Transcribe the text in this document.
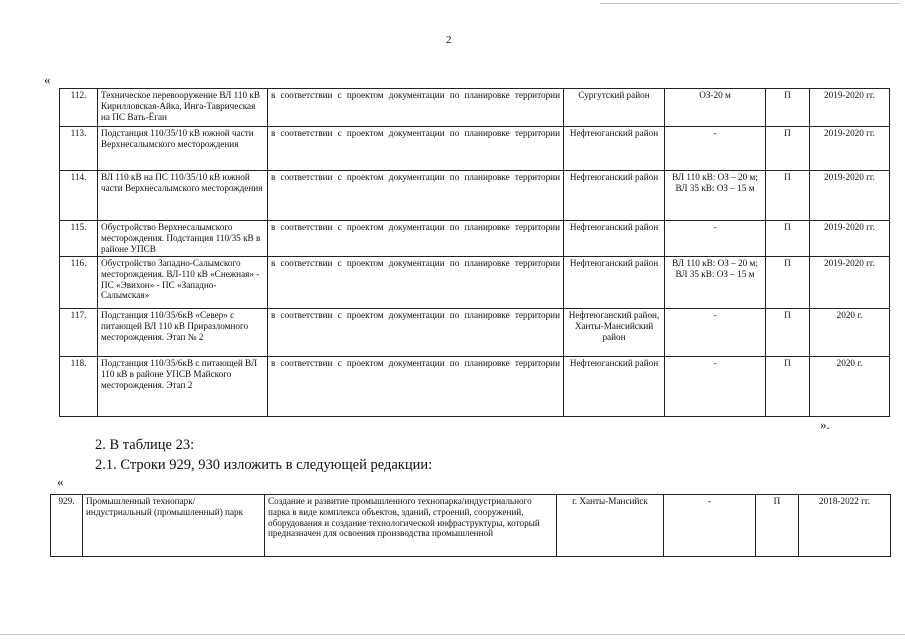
2
«
112.	Техническое перевооружение ВЛ 110 кВ Кирилловская-Айка, Инга-Таврическая на ПС Вать-Ёган	в соответствии с проектом документации по планировке территории	Сургутский район	ОЗ-20 м	П	2019-2020 гг.
113.	Подстанция 110/35/10 кВ южной части Верхнесалымского месторождения	в соответствии с проектом документации по планировке территории	Нефтеюганский район	-	П	2019-2020 гг.
114.	ВЛ 110 кВ на ПС 110/35/10 кВ южной части Верхнесалымского месторождения	в соответствии с проектом документации по планировке территории	Нефтеюганский район	ВЛ 110 кВ: ОЗ – 20 м; ВЛ 35 кВ: ОЗ – 15 м	П	2019-2020 гг.
115.	Обустройство Верхнесалымского месторождения. Подстанция 110/35 кВ в районе УПСВ	в соответствии с проектом документации по планировке территории	Нефтеюганский район	-	П	2019-2020 гг.
116.	Обустройство Западно-Салымского месторождения. ВЛ-110 кВ «Снежная» - ПС «Эвихон» - ПС «Западно-Салымская»	в соответствии с проектом документации по планировке территории	Нефтеюганский район	ВЛ 110 кВ: ОЗ – 20 м; ВЛ 35 кВ: ОЗ – 15 м	П	2019-2020 гг.
117.	Подстанция 110/35/6кВ «Север» с питающей ВЛ 110 кВ Приразломного месторождения. Этап № 2	в соответствии с проектом документации по планировке территории	Нефтеюганский район, Ханты-Мансийский район	-	П	2020 г.
118.	Подстанция 110/35/6кВ с питающей ВЛ 110 кВ в районе УПСВ Майского месторождения. Этап 2	в соответствии с проектом документации по планировке территории	Нефтеюганский район	-	П	2020 г.
».
2. В таблице 23:
2.1. Строки 929, 930 изложить в следующей редакции:
«
929.	Промышленный технопарк/индустриальный (промышленный) парк	Создание и развитие промышленного технопарка/индустриального парка в виде комплекса объектов, зданий, строений, сооружений, оборудования и создание технологической инфраструктуры, который предназначен для освоения производства промышленной	г. Ханты-Мансийск	-	П	2018-2022 гг.
